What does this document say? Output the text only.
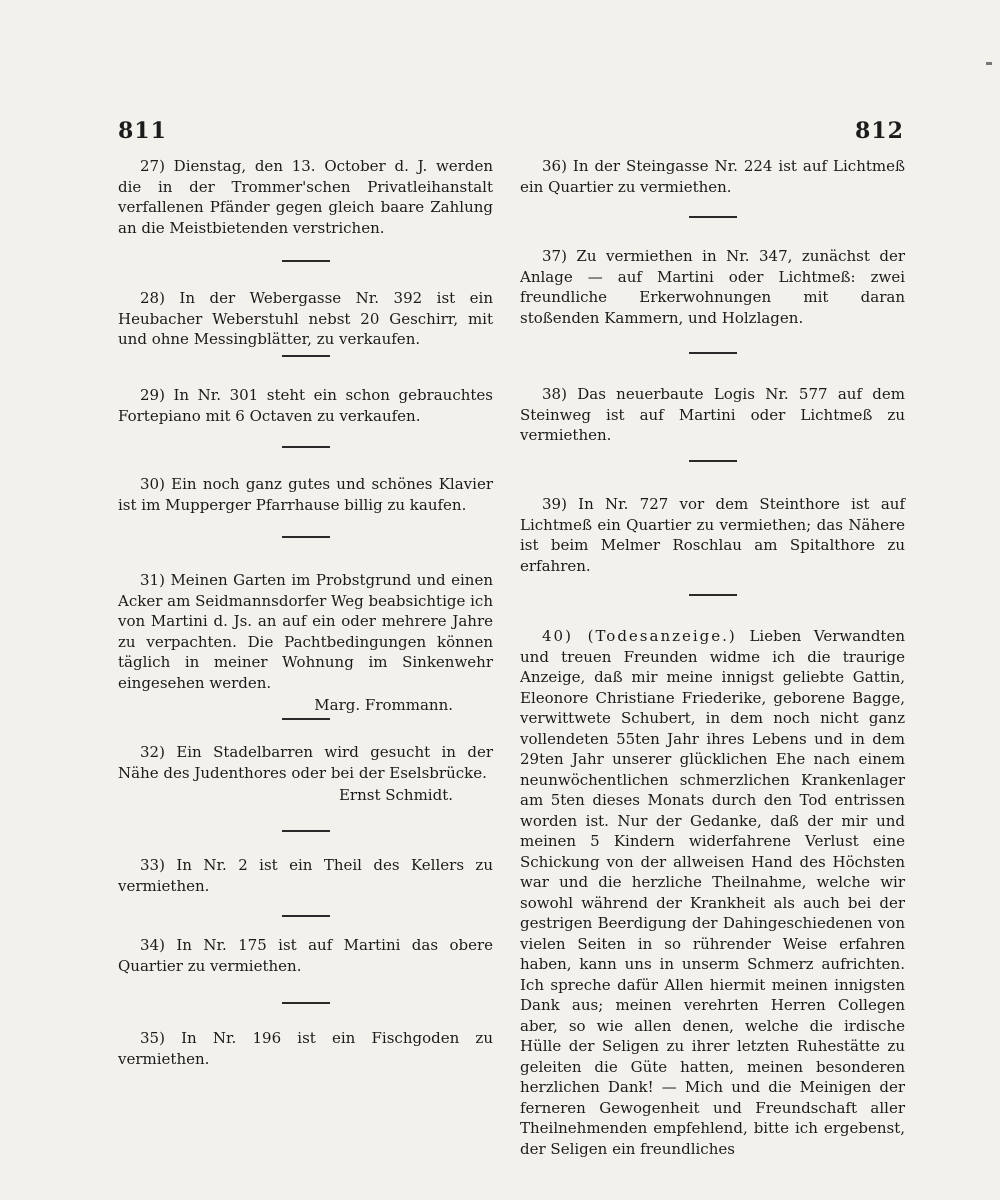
811	812

27) Dienstag, den 13. October d. J. werden die in der Trommer'schen Privatleihanstalt verfallenen Pfänder gegen gleich baare Zahlung an die Meistbietenden verstrichen.

28) In der Webergasse Nr. 392 ist ein Heubacher Weberstuhl nebst 20 Geschirr, mit und ohne Messingblätter, zu verkaufen.

29) In Nr. 301 steht ein schon gebrauchtes Fortepiano mit 6 Octaven zu verkaufen.

30) Ein noch ganz gutes und schönes Klavier ist im Mupperger Pfarrhause billig zu kaufen.

31) Meinen Garten im Probstgrund und einen Acker am Seidmannsdorfer Weg beabsichtige ich von Martini d. Js. an auf ein oder mehrere Jahre zu verpachten. Die Pachtbedingungen können täglich in meiner Wohnung im Sinkenwehr eingesehen werden.

Marg. Frommann.

32) Ein Stadelbarren wird gesucht in der Nähe des Judenthores oder bei der Eselsbrücke.

Ernst Schmidt.

33) In Nr. 2 ist ein Theil des Kellers zu vermiethen.

34) In Nr. 175 ist auf Martini das obere Quartier zu vermiethen.

35) In Nr. 196 ist ein Fischgoden zu vermiethen.

36) In der Steingasse Nr. 224 ist auf Lichtmeß ein Quartier zu vermiethen.

37) Zu vermiethen in Nr. 347, zunächst der Anlage — auf Martini oder Lichtmeß: zwei freundliche Erkerwohnungen mit daran stoßenden Kammern, und Holzlagen.

38) Das neuerbaute Logis Nr. 577 auf dem Steinweg ist auf Martini oder Lichtmeß zu vermiethen.

39) In Nr. 727 vor dem Steinthore ist auf Lichtmeß ein Quartier zu vermiethen; das Nähere ist beim Melmer Roschlau am Spitalthore zu erfahren.

40) (Todesanzeige.) Lieben Verwandten und treuen Freunden widme ich die traurige Anzeige, daß mir meine innigst geliebte Gattin, Eleonore Christiane Friederike, geborene Bagge, verwittwete Schubert, in dem noch nicht ganz vollendeten 55ten Jahr ihres Lebens und in dem 29ten Jahr unserer glücklichen Ehe nach einem neunwöchentlichen schmerzlichen Krankenlager am 5ten dieses Monats durch den Tod entrissen worden ist. Nur der Gedanke, daß der mir und meinen 5 Kindern widerfahrene Verlust eine Schickung von der allweisen Hand des Höchsten war und die herzliche Theilnahme, welche wir sowohl während der Krankheit als auch bei der gestrigen Beerdigung der Dahingeschiedenen von vielen Seiten in so rührender Weise erfahren haben, kann uns in unserm Schmerz aufrichten. Ich spreche dafür Allen hiermit meinen innigsten Dank aus; meinen verehrten Herren Collegen aber, so wie allen denen, welche die irdische Hülle der Seligen zu ihrer letzten Ruhestätte zu geleiten die Güte hatten, meinen besonderen herzlichen Dank! — Mich und die Meinigen der ferneren Gewogenheit und Freundschaft aller Theilnehmenden empfehlend, bitte ich ergebenst, der Seligen ein freundliches
